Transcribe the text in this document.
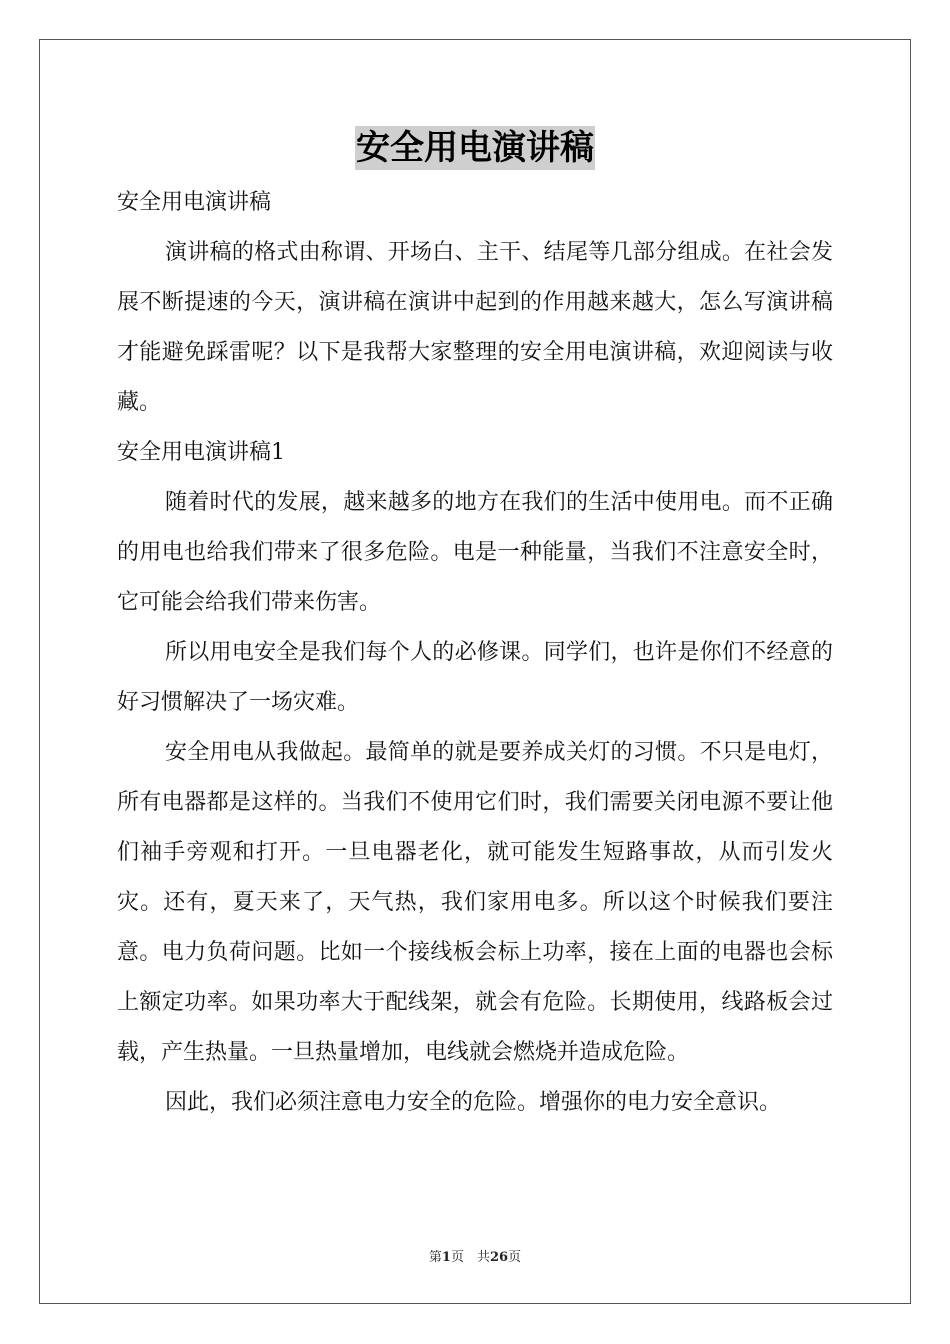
安全用电演讲稿

安全用电演讲稿

演讲稿的格式由称谓、开场白、主干、结尾等几部分组成。在社会发展不断提速的今天，演讲稿在演讲中起到的作用越来越大，怎么写演讲稿才能避免踩雷呢？以下是我帮大家整理的安全用电演讲稿，欢迎阅读与收藏。

安全用电演讲稿1

随着时代的发展，越来越多的地方在我们的生活中使用电。而不正确的用电也给我们带来了很多危险。电是一种能量，当我们不注意安全时，它可能会给我们带来伤害。

所以用电安全是我们每个人的必修课。同学们，也许是你们不经意的好习惯解决了一场灾难。

安全用电从我做起。最简单的就是要养成关灯的习惯。不只是电灯，所有电器都是这样的。当我们不使用它们时，我们需要关闭电源不要让他们袖手旁观和打开。一旦电器老化，就可能发生短路事故，从而引发火灾。还有，夏天来了，天气热，我们家用电多。所以这个时候我们要注意。电力负荷问题。比如一个接线板会标上功率，接在上面的电器也会标上额定功率。如果功率大于配线架，就会有危险。长期使用，线路板会过载，产生热量。一旦热量增加，电线就会燃烧并造成危险。

因此，我们必须注意电力安全的危险。增强你的电力安全意识。

第1页　共26页
